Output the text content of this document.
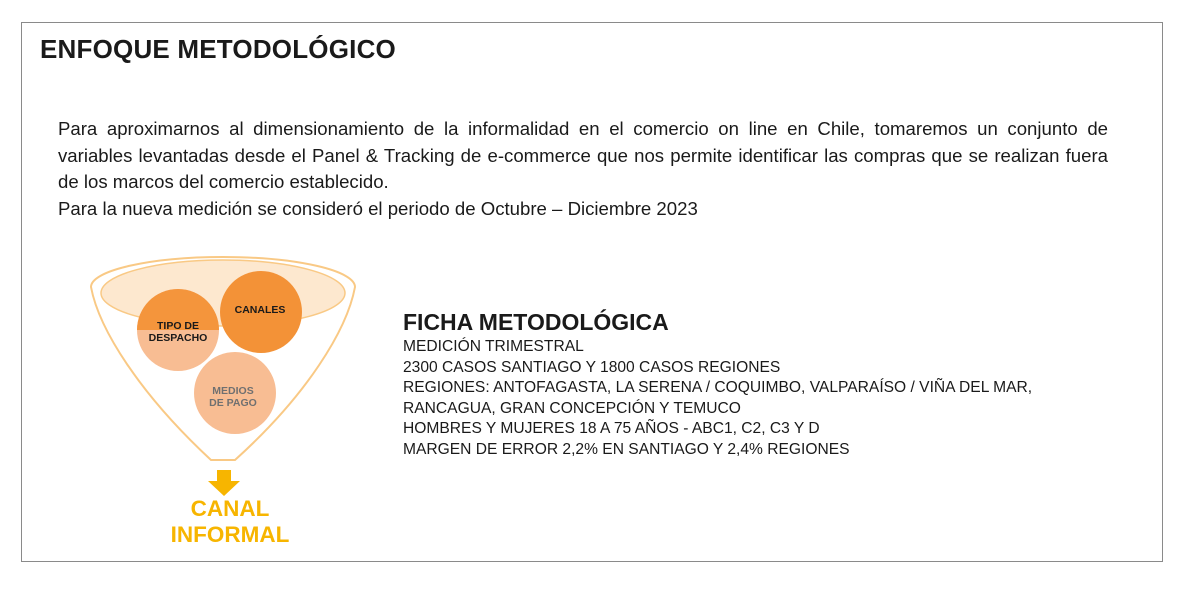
ENFOQUE METODOLÓGICO

Para aproximarnos al dimensionamiento de la informalidad en el comercio on line en Chile, tomaremos un conjunto de variables levantadas desde el Panel & Tracking de e-commerce que nos permite identificar las compras que se realizan fuera de los marcos del comercio establecido.

Para la nueva medición se consideró el periodo de Octubre – Diciembre 2023

TIPO DE
DESPACHO
CANALES
MEDIOS
DE PAGO
CANAL
INFORMAL
FICHA METODOLÓGICA
MEDICIÓN TRIMESTRAL
2300 CASOS SANTIAGO Y 1800 CASOS REGIONES
REGIONES: ANTOFAGASTA, LA SERENA / COQUIMBO, VALPARAÍSO / VIÑA DEL MAR,
RANCAGUA, GRAN CONCEPCIÓN Y TEMUCO
HOMBRES Y MUJERES 18 A 75 AÑOS - ABC1, C2, C3 Y D
MARGEN DE ERROR 2,2% EN SANTIAGO Y 2,4% REGIONES
